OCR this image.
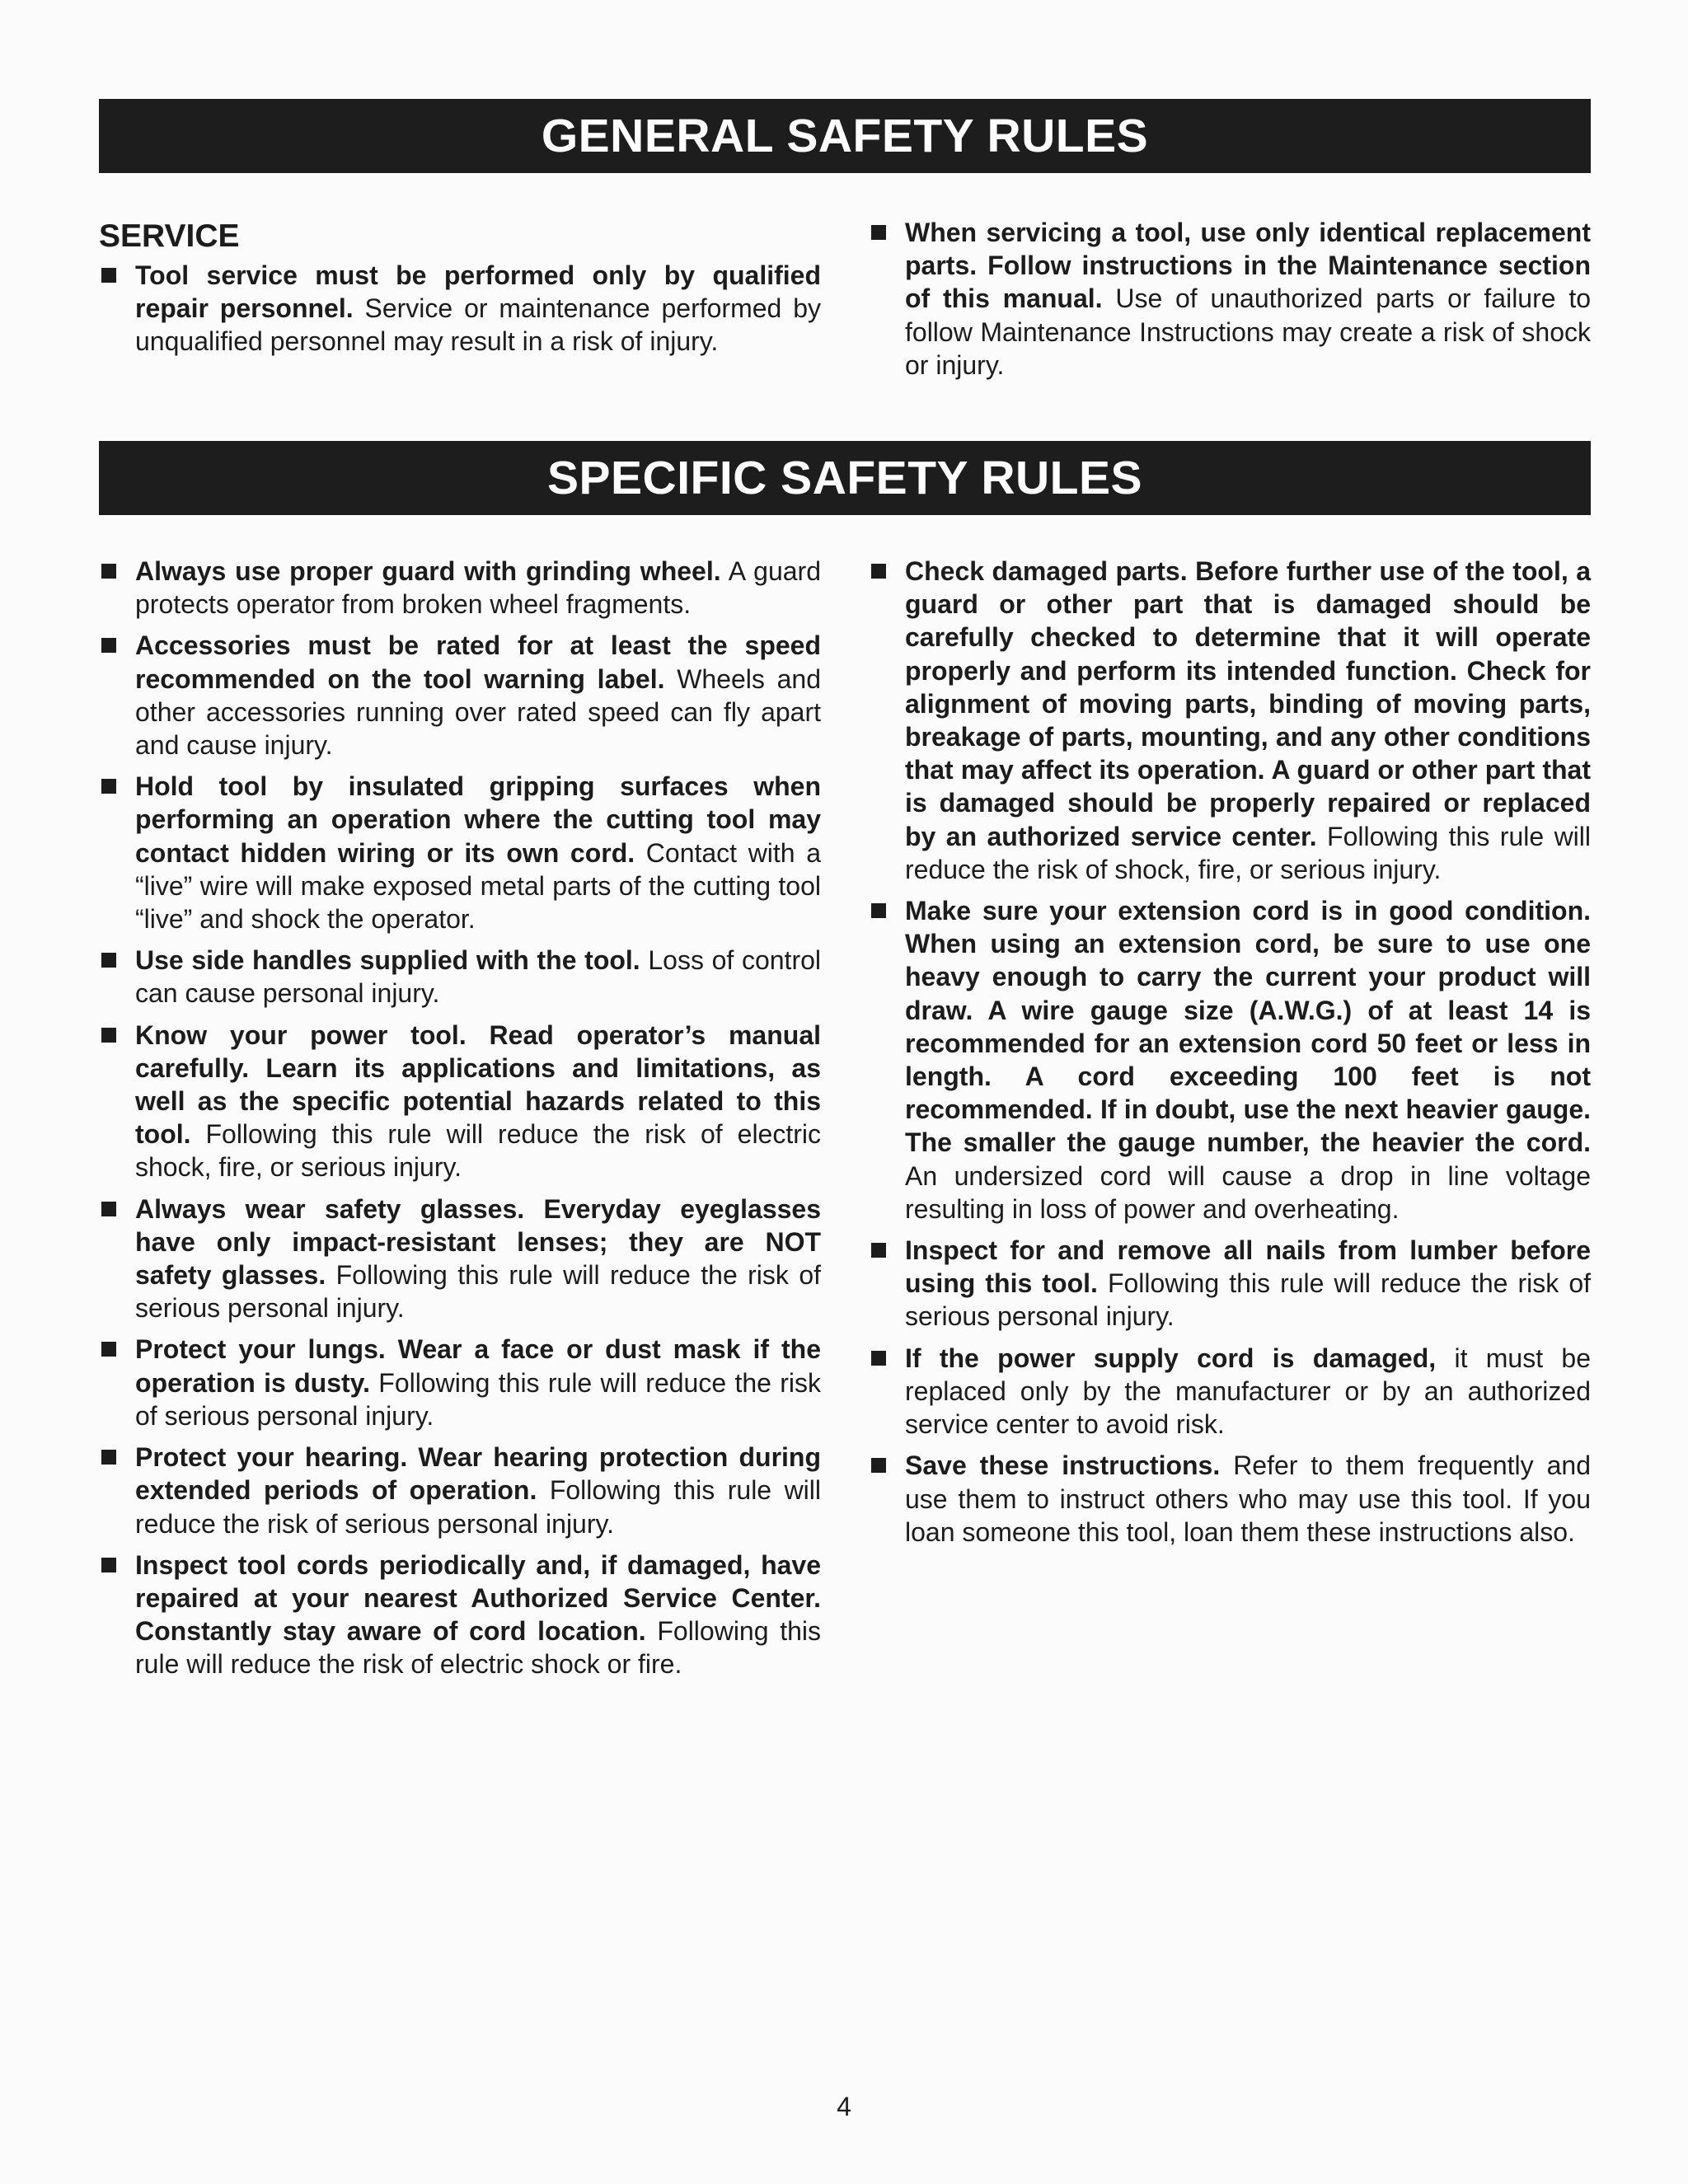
GENERAL SAFETY RULES
SERVICE
Tool service must be performed only by qualified repair personnel. Service or maintenance performed by unqualified personnel may result in a risk of injury.
When servicing a tool, use only identical replacement parts. Follow instructions in the Maintenance section of this manual. Use of unauthorized parts or failure to follow Maintenance Instructions may create a risk of shock or injury.
SPECIFIC SAFETY RULES
Always use proper guard with grinding wheel. A guard protects operator from broken wheel fragments.
Accessories must be rated for at least the speed recommended on the tool warning label. Wheels and other accessories running over rated speed can fly apart and cause injury.
Hold tool by insulated gripping surfaces when performing an operation where the cutting tool may contact hidden wiring or its own cord. Contact with a “live” wire will make exposed metal parts of the cutting tool “live” and shock the operator.
Use side handles supplied with the tool. Loss of control can cause personal injury.
Know your power tool. Read operator’s manual carefully. Learn its applications and limitations, as well as the specific potential hazards related to this tool. Following this rule will reduce the risk of electric shock, fire, or serious injury.
Always wear safety glasses. Everyday eyeglasses have only impact-resistant lenses; they are NOT safety glasses. Following this rule will reduce the risk of serious personal injury.
Protect your lungs. Wear a face or dust mask if the operation is dusty. Following this rule will reduce the risk of serious personal injury.
Protect your hearing. Wear hearing protection during extended periods of operation. Following this rule will reduce the risk of serious personal injury.
Inspect tool cords periodically and, if damaged, have repaired at your nearest Authorized Service Center. Constantly stay aware of cord location. Following this rule will reduce the risk of electric shock or fire.
Check damaged parts. Before further use of the tool, a guard or other part that is damaged should be carefully checked to determine that it will operate properly and perform its intended function. Check for alignment of moving parts, binding of moving parts, breakage of parts, mounting, and any other conditions that may affect its operation. A guard or other part that is damaged should be properly repaired or replaced by an authorized service center. Following this rule will reduce the risk of shock, fire, or serious injury.
Make sure your extension cord is in good condition. When using an extension cord, be sure to use one heavy enough to carry the current your product will draw. A wire gauge size (A.W.G.) of at least 14 is recommended for an extension cord 50 feet or less in length. A cord exceeding 100 feet is not recommended. If in doubt, use the next heavier gauge. The smaller the gauge number, the heavier the cord. An undersized cord will cause a drop in line voltage resulting in loss of power and overheating.
Inspect for and remove all nails from lumber before using this tool. Following this rule will reduce the risk of serious personal injury.
If the power supply cord is damaged, it must be replaced only by the manufacturer or by an authorized service center to avoid risk.
Save these instructions. Refer to them frequently and use them to instruct others who may use this tool. If you loan someone this tool, loan them these instructions also.
4
